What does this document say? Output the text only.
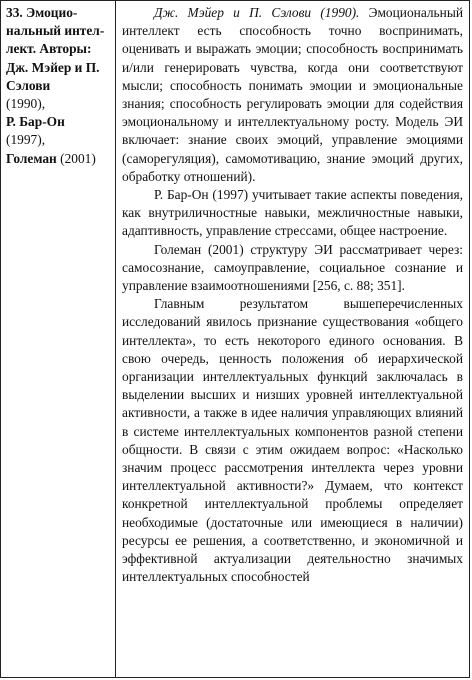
33. Эмоцио-нальный интел-лект. Авторы:
Дж. Мэйер и П. Сэлови
(1990),
Р. Бар-Он
(1997),
Големан (2001)

Дж. Мэйер и П. Сэлови (1990). Эмоциональный интеллект есть способность точно воспринимать, оценивать и выражать эмоции; способность воспринимать и/или генерировать чувства, когда они соответствуют мысли; способность понимать эмоции и эмоциональные знания; способность регулировать эмоции для содействия эмоциональному и интеллектуальному росту. Модель ЭИ включает: знание своих эмоций, управление эмоциями (саморегуляция), самомотивацию, знание эмоций других, обработку отношений).

Р. Бар-Он (1997) учитывает такие аспекты поведения, как внутриличностные навыки, межличностные навыки, адаптивность, управление стрессами, общее настроение.

Големан (2001) структуру ЭИ рассматривает через: самосознание, самоуправление, социальное сознание и управление взаимоотношениями [256, с. 88; 351].

Главным результатом вышеперечисленных исследований явилось признание существования «общего интеллекта», то есть некоторого единого основания. В свою очередь, ценность положения об иерархической организации интеллектуальных функций заключалась в выделении высших и низших уровней интеллектуальной активности, а также в идее наличия управляющих влияний в системе интеллектуальных компонентов разной степени общности. В связи с этим ожидаем вопрос: «Насколько значим процесс рассмотрения интеллекта через уровни интеллектуальной активности?» Думаем, что контекст конкретной интеллектуальной проблемы определяет необходимые (достаточные или имеющиеся в наличии) ресурсы ее решения, а соответственно, и экономичной и эффективной актуализации деятельностно значимых интеллектуальных способностей
